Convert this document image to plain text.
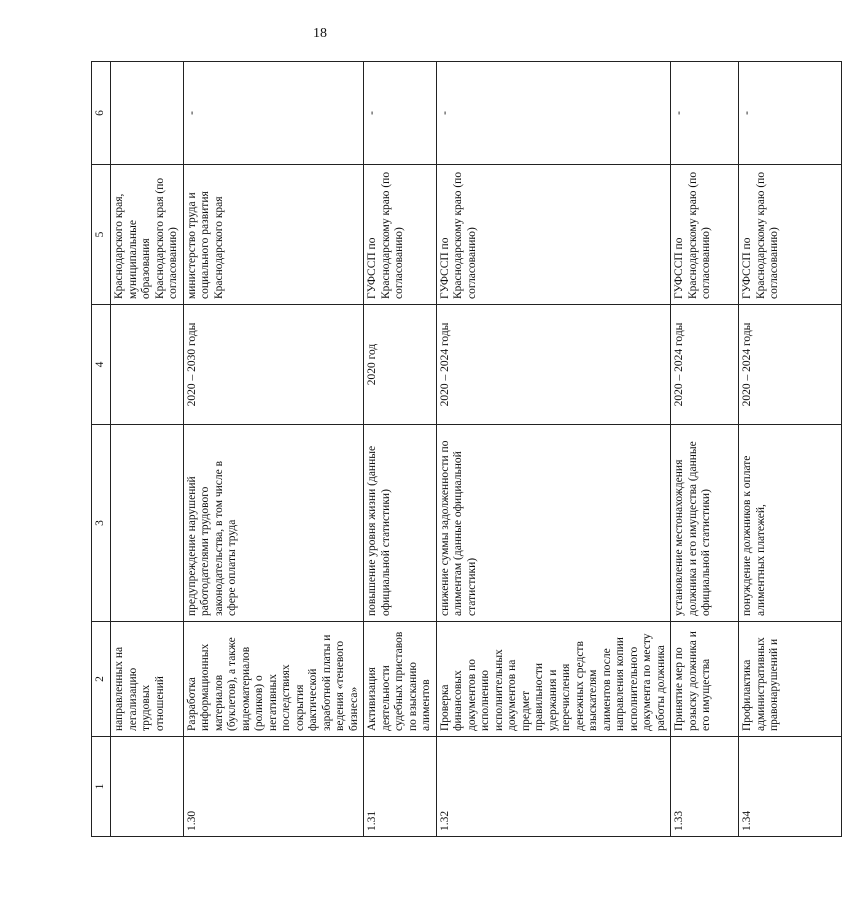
18
1	2	3	4	5	6
	направленных на легализацию трудовых отношений			Краснодарского края, муниципальные образования Краснодарского края (по согласованию)	
1.30	Разработка информационных материалов (буклетов), а также видеоматериалов (роликов) о негативных последствиях сокрытия фактической заработной платы и ведения «теневого бизнеса»	предупреждение нарушений работодателями трудового законодательства, в том числе в сфере оплаты труда	2020 – 2030 годы	министерство труда и социального развития Краснодарского края	-
1.31	Активизация деятельности судебных приставов по взысканию алиментов	повышение уровня жизни (данные официальной статистики)	2020 год	ГУФССП по Краснодарскому краю (по согласованию)	-
1.32	Проверка финансовых документов по исполнению исполнительных документов на предмет правильности удержания и перечисления денежных средств взыскателям алиментов после направления копии исполнительного документа по месту работы должника	снижение суммы задолженности по алиментам (данные официальной статистики)	2020 – 2024 годы	ГУФССП по Краснодарскому краю (по согласованию)	-
1.33	Принятие мер по розыску должника и его имущества	установление местонахождения должника и его имущества (данные официальной статистики)	2020 – 2024 годы	ГУФССП по Краснодарскому краю (по согласованию)	-
1.34	Профилактика административных правонарушений и	понуждение должников к оплате алиментных платежей,	2020 – 2024 годы	ГУФССП по Краснодарскому краю (по согласованию)	-
